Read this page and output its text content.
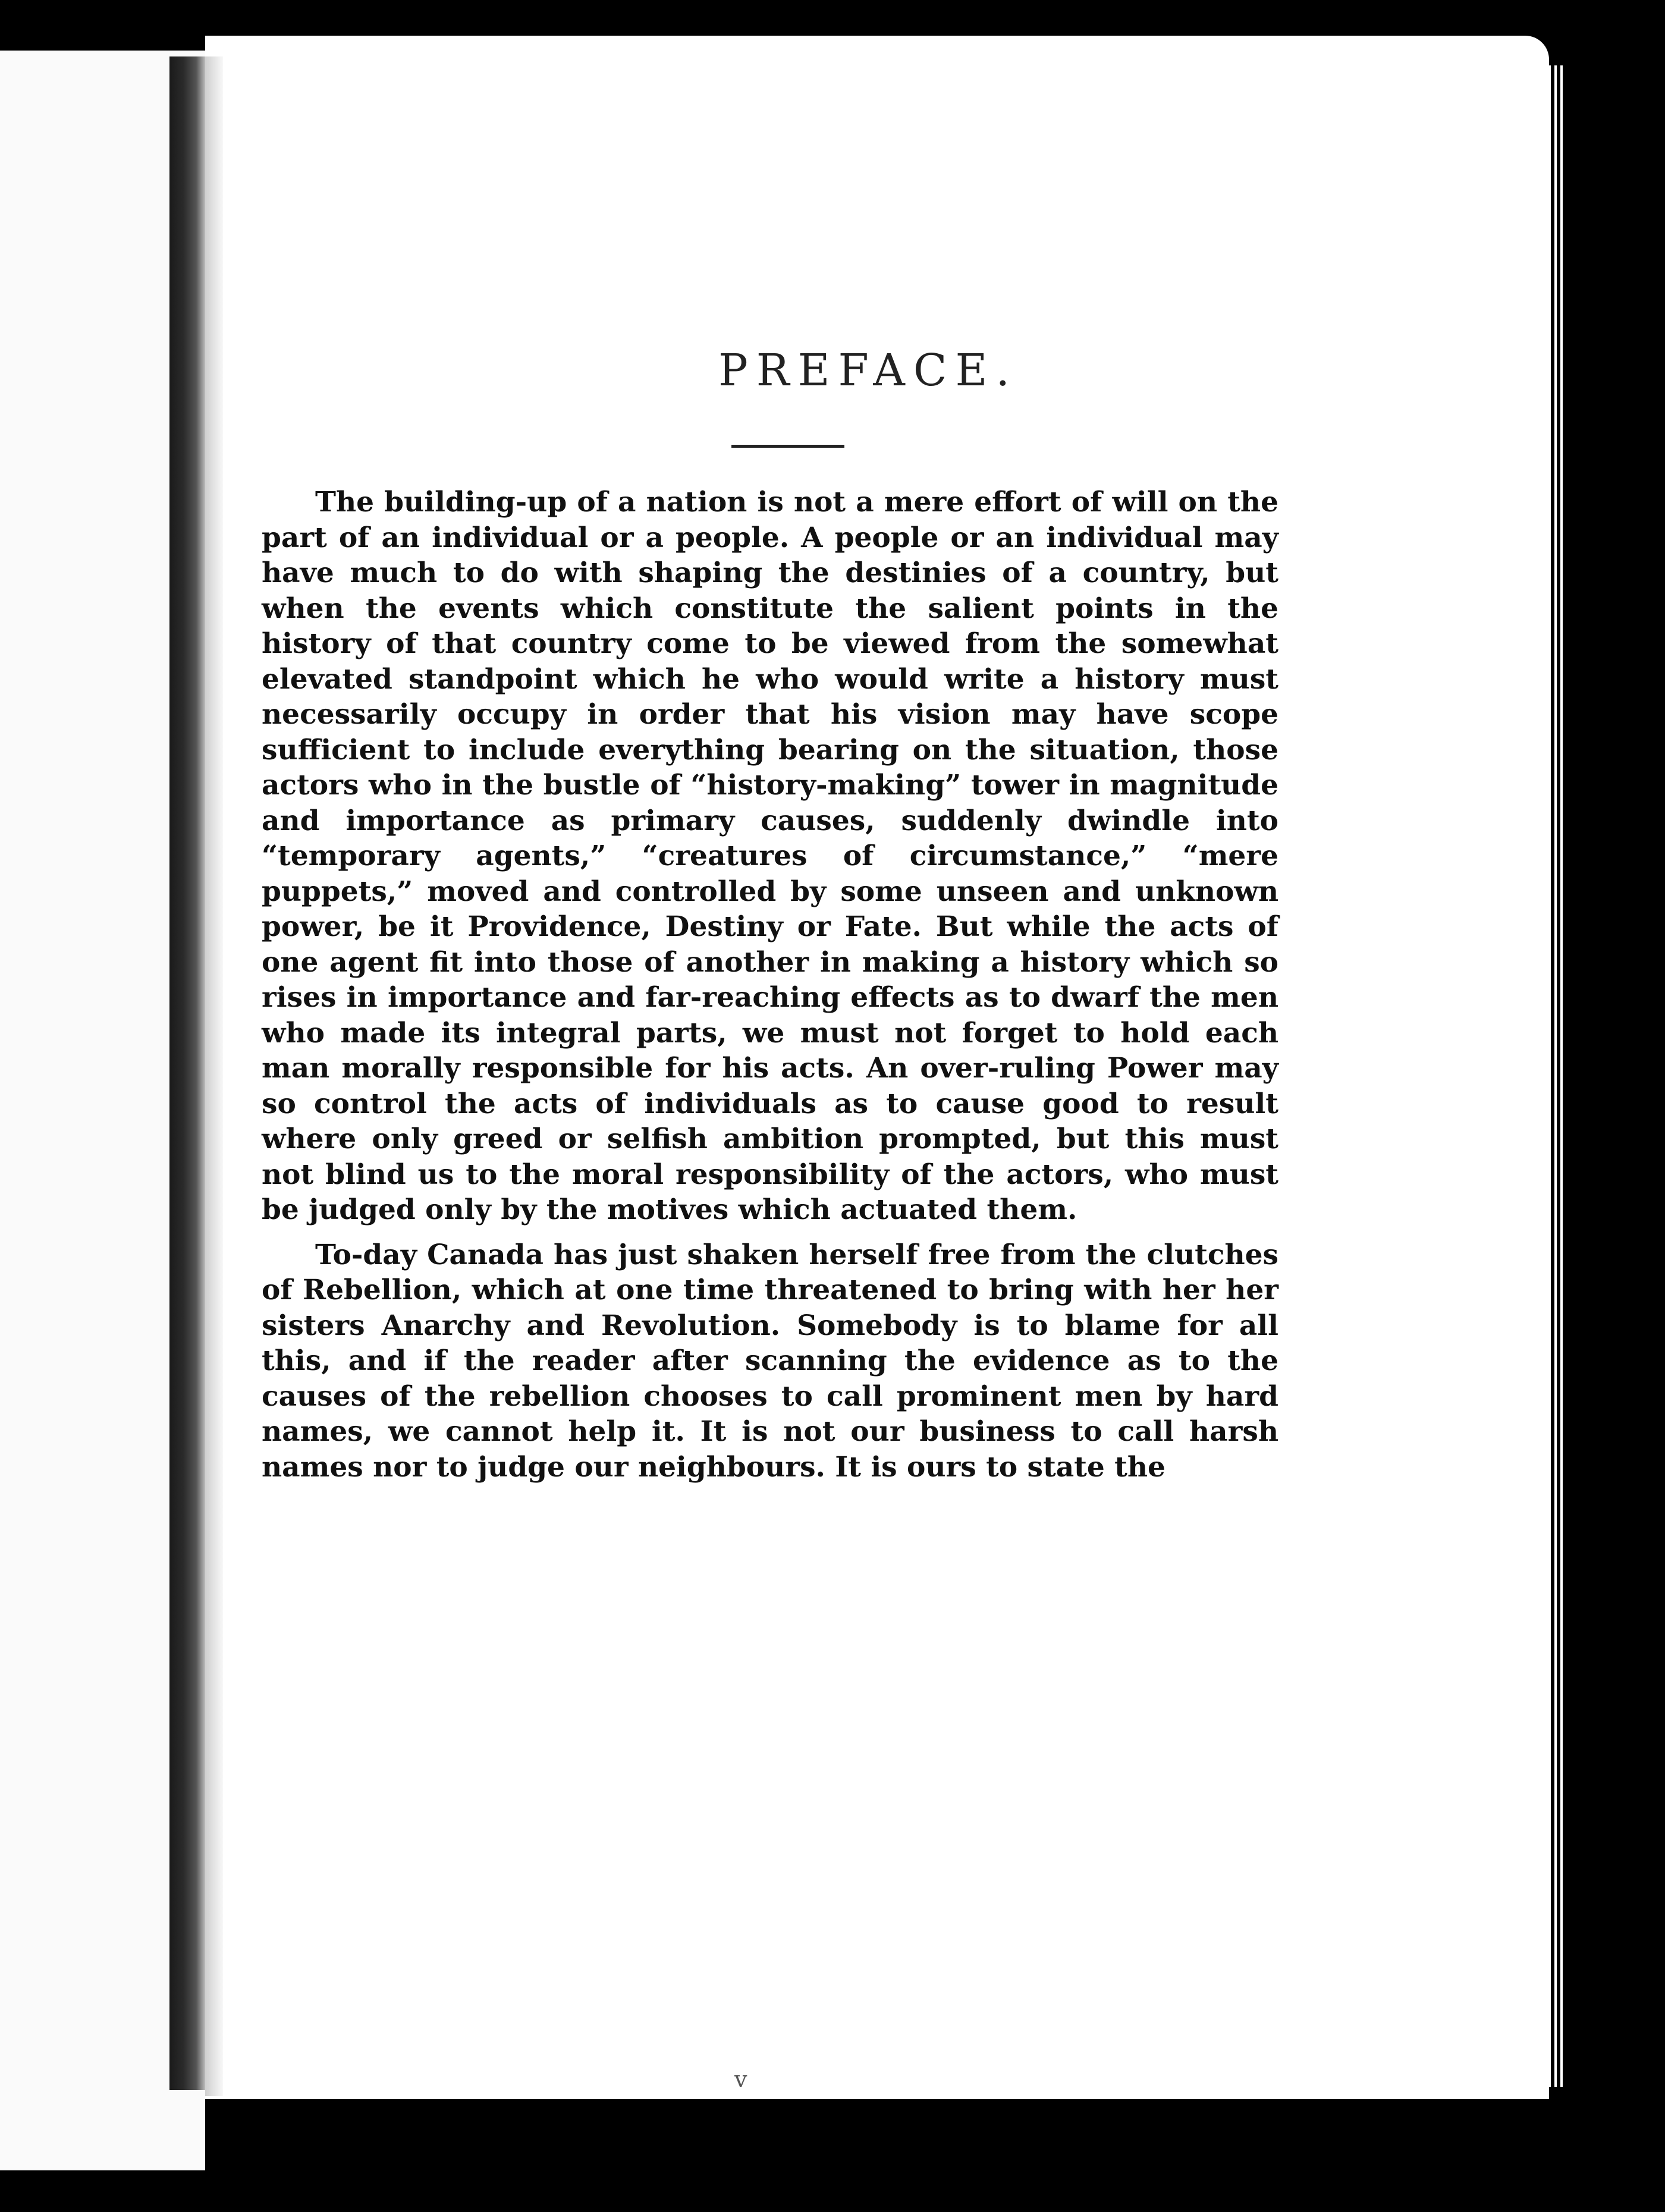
PREFACE.

The building-up of a nation is not a mere effort of will on the part of an individual or a people. A people or an individual may have much to do with shaping the destinies of a country, but when the events which constitute the salient points in the history of that country come to be viewed from the somewhat elevated standpoint which he who would write a history must necessarily occupy in order that his vision may have scope sufficient to include everything bearing on the situation, those actors who in the bustle of “history-making” tower in magnitude and importance as primary causes, suddenly dwindle into “temporary agents,” “creatures of circumstance,” “mere puppets,” moved and controlled by some unseen and unknown power, be it Providence, Destiny or Fate. But while the acts of one agent fit into those of another in making a history which so rises in importance and far-reaching effects as to dwarf the men who made its integral parts, we must not forget to hold each man morally responsible for his acts. An over-ruling Power may so control the acts of individuals as to cause good to result where only greed or selfish ambition prompted, but this must not blind us to the moral responsibility of the actors, who must be judged only by the motives which actuated them.

To-day Canada has just shaken herself free from the clutches of Rebellion, which at one time threatened to bring with her her sisters Anarchy and Revolution. Somebody is to blame for all this, and if the reader after scanning the evidence as to the causes of the rebellion chooses to call prominent men by hard names, we cannot help it. It is not our business to call harsh names nor to judge our neighbours. It is ours to state the

v
